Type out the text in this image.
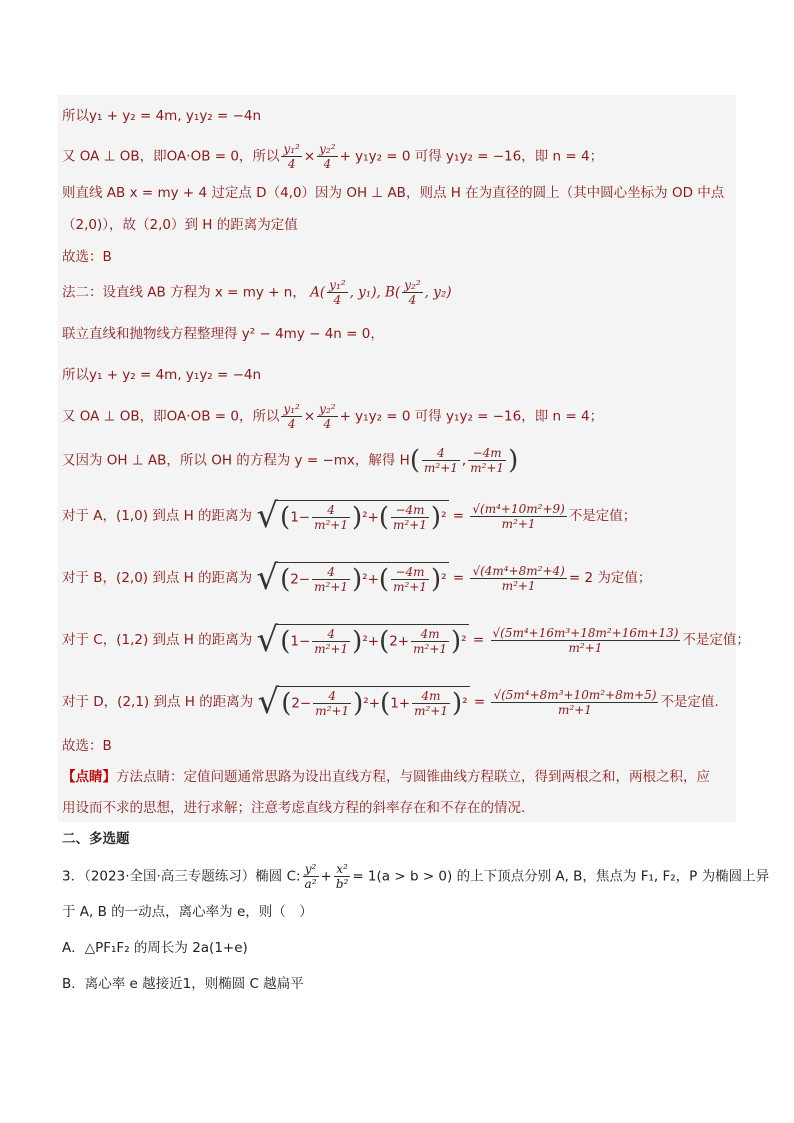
所以y₁ + y₂ = 4m, y₁y₂ = −4n
又 OA ⊥ OB，即OA·OB = 0，所以 $\frac{\text{y₁²}}{4} \times \frac{\text{y₂²}}{4} + y_1y_2 = 0$ 可得 y₁y₂ = −16，即 n = 4；
则直线 AB x = my + 4 过定点 D（4,0）因为 OH ⊥ AB，则点 H 在为直径的圆上（其中圆心坐标为 OD 中点
（2,0)），故（2,0）到 H 的距离为定值
故选：B
法二：设直线 AB 方程为 x = my + n， $A( \frac{\text{y₁²}}{4}$ , y₁), $B( \frac{\text{y₂²}}{4}$ , y₂)
联立直线和抛物线方程整理得 y² − 4my − 4n = 0，
所以y₁ + y₂ = 4m, y₁y₂ = −4n
又 OA ⊥ OB，即OA·OB = 0，所以 $\frac{\text{y₁²}}{4} \times \frac{\text{y₂²}}{4} + y_1y_2 = 0$ 可得 y₁y₂ = −16，即 n = 4；
又因为 OH ⊥ AB，所以 OH 的方程为 y = −mx，解得 $H( \frac{4}{\text{m²+1}}$ , $\frac{-4m}{\text{m²+1}}$ )
对于 A，(1,0) 到点 H 的距离为 $√(1- \frac{4}{\text{m²+1}} )^2+( \frac{-4m}{\text{m²+1}} )^2 = \frac{\text{√(m⁴+10m²+9)}}{\text{m²+1}}$ 不是定值；
对于 B，(2,0) 到点 H 的距离为 $√(2- \frac{4}{\text{m²+1}} )^2+( \frac{-4m}{\text{m²+1}} )^2 = \frac{\text{√(4m⁴+8m²+4)}}{\text{m²+1}} = 2$ 为定值；
对于 C，(1,2) 到点 H 的距离为 $√(1- \frac{4}{\text{m²+1}} )^2+(2+ \frac{4m}{\text{m²+1}} )^2 = \frac{\text{√(5m⁴+16m³+18m²+16m+13)}}{\text{m²+1}}$ 不是定值；
对于 D，(2,1) 到点 H 的距离为 $√(2- \frac{4}{\text{m²+1}} )^2+(1+ \frac{4m}{\text{m²+1}} )^2 = \frac{\text{√(5m⁴+8m³+10m²+8m+5)}}{\text{m²+1}}$ 不是定值.
故选：B
【点睛】方法点睛：定值问题通常思路为设出直线方程，与圆锥曲线方程联立，得到两根之和，两根之积，应
用设而不求的思想，进行求解；注意考虑直线方程的斜率存在和不存在的情况.
二、多选题
3．（2023·全国·高三专题练习）椭圆 C: $\frac{\text{y²}}{\text{a²}} + \frac{\text{x²}}{\text{b²}} = 1(a > b > 0)$ 的上下顶点分别 A, B，焦点为 F₁, F₂，P 为椭圆上异
于 A, B 的一动点，离心率为 e，则（　）
A．△PF₁F₂ 的周长为 2a(1+e)
B．离心率 e 越接近1，则椭圆 C 越扁平
